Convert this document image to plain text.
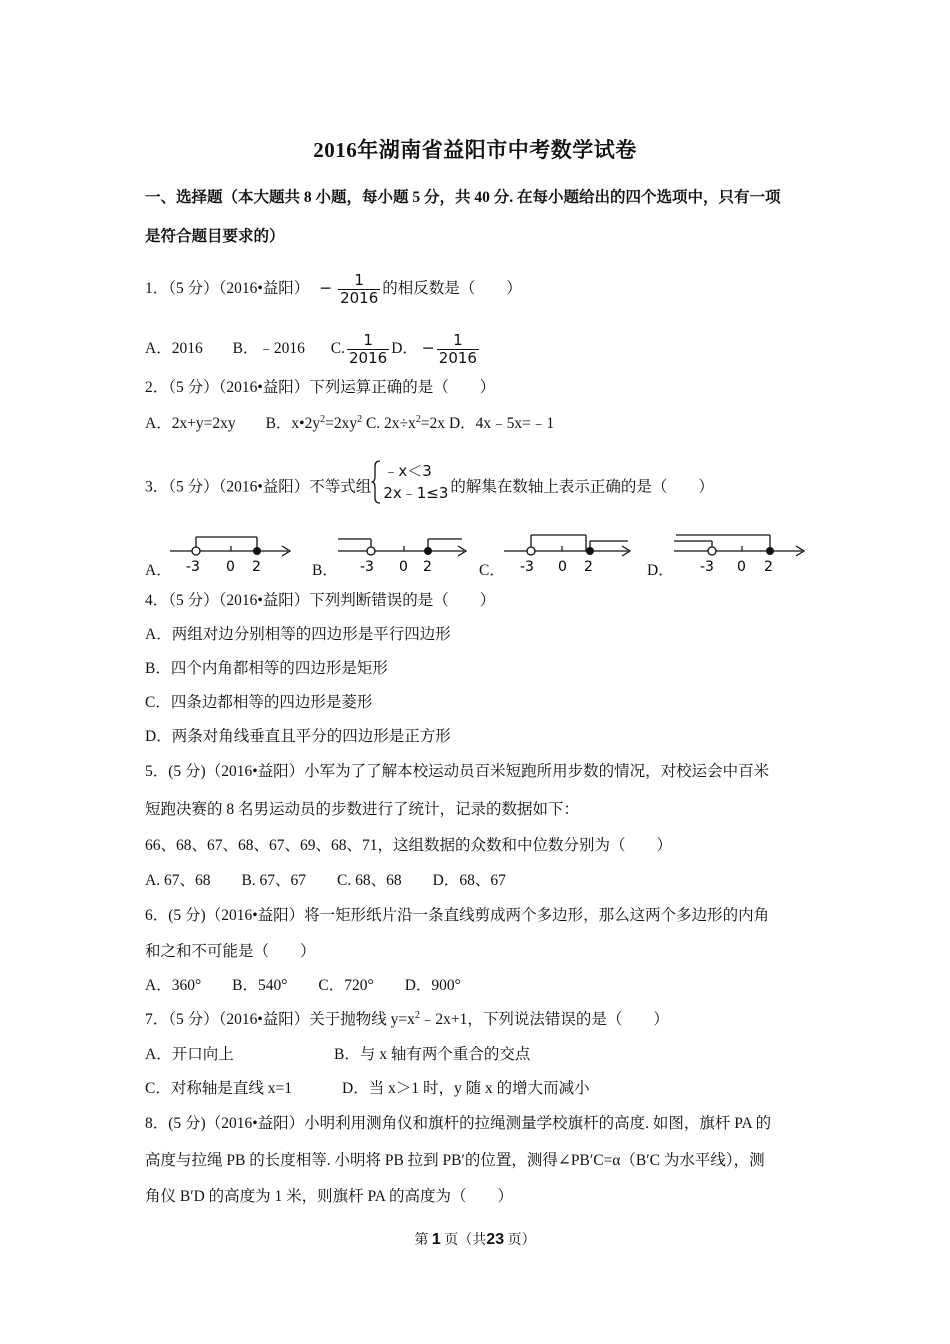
2016年湖南省益阳市中考数学试卷
一、选择题（本大题共 8 小题，每小题 5 分，共 40 分. 在每小题给出的四个选项中，只有一项
是符合题目要求的）
1．（5 分）（2016•益阳） − $\frac{1}{2016}$ 的相反数是（　　）
A．2016 B．﹣2016 C. $\frac{1}{2016}$ D． − $\frac{1}{2016}$
2．（5 分）（2016•益阳）下列运算正确的是（　　）
A．2x+y=2xy B．$x•2y^2=2xy^2$ C. $2x\div x^2=2x$ D．4x﹣5x=﹣1
3．（5 分）（2016•益阳）不等式组
﹣x＜3
2x﹣1≤3 的解集在数轴上表示正确的是（　　）
A． -3 0 2	B． -3 0 2	C． -3 0 2	D． -3 0 2
4．（5 分）（2016•益阳）下列判断错误的是（　　）
A．两组对边分别相等的四边形是平行四边形
B．四个内角都相等的四边形是矩形
C．四条边都相等的四边形是菱形
D．两条对角线垂直且平分的四边形是正方形
5．(5 分)（2016•益阳）小军为了了解本校运动员百米短跑所用步数的情况，对校运会中百米
短跑决赛的 8 名男运动员的步数进行了统计，记录的数据如下：
66、68、67、68、67、69、68、71，这组数据的众数和中位数分别为（　　）
A. 67、68　　B. 67、67　　C. 68、68　　D．68、67
6．(5 分)（2016•益阳）将一矩形纸片沿一条直线剪成两个多边形，那么这两个多边形的内角
和之和不可能是（　　）
A．360°　　B．540°　　C．720°　　D．900°
7．（5 分）（2016•益阳）关于抛物线 $y=x^2﹣2x+1$，下列说法错误的是（　　）
A．开口向上	B．与 x 轴有两个重合的交点
C．对称轴是直线 x=1	D．当 x＞1 时，y 随 x 的增大而减小
8．(5 分)（2016•益阳）小明利用测角仪和旗杆的拉绳测量学校旗杆的高度. 如图，旗杆 PA 的
高度与拉绳 PB 的长度相等. 小明将 PB 拉到 PB′的位置，测得∠PB′C=α（B′C 为水平线），测
角仪 B′D 的高度为 1 米，则旗杆 PA 的高度为（　　）
第 1 页（共23 页）
